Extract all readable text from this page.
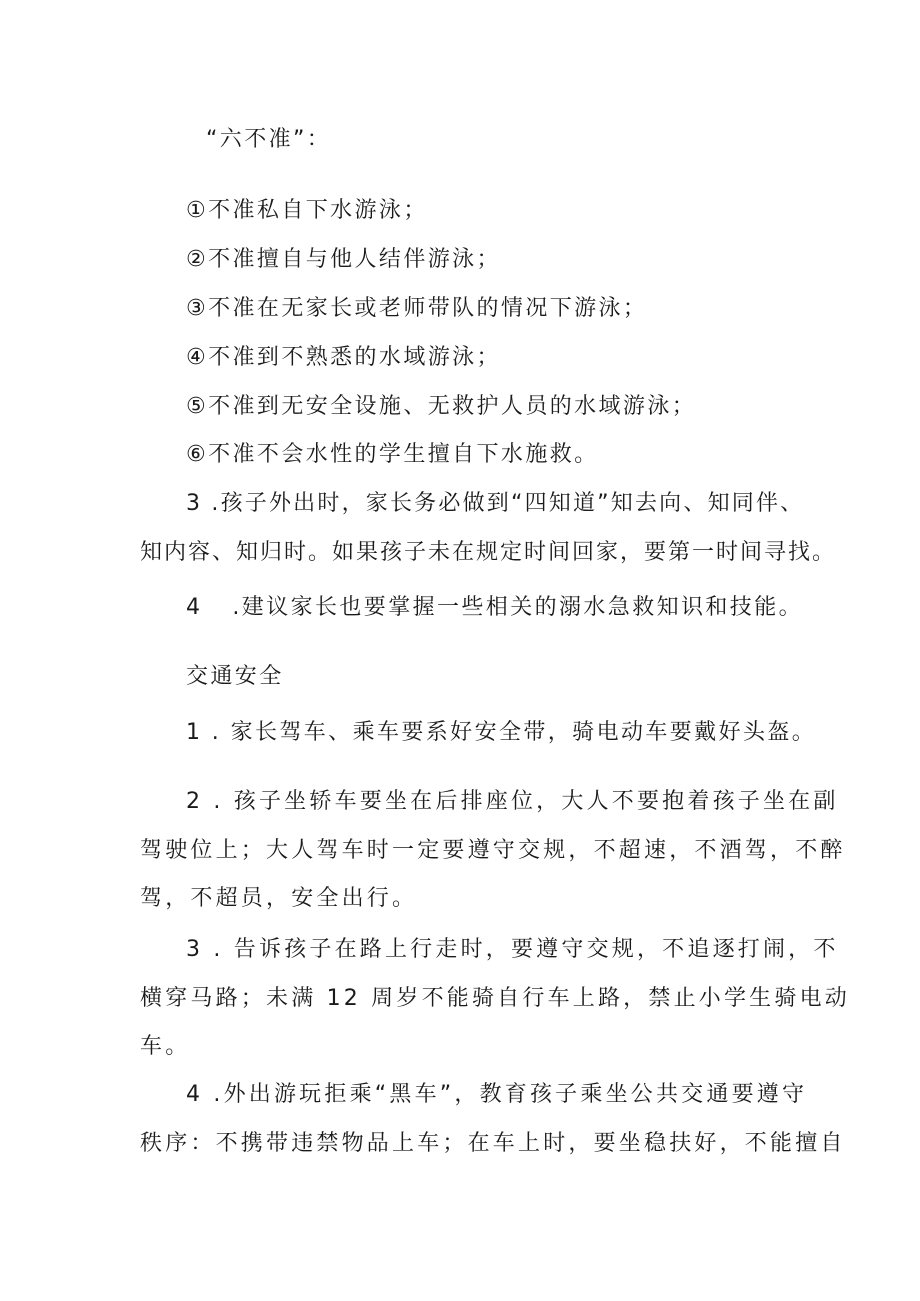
“六不准”：
①不准私自下水游泳；
②不准擅自与他人结伴游泳；
③不准在无家长或老师带队的情况下游泳；
④不准到不熟悉的水域游泳；
⑤不准到无安全设施、无救护人员的水域游泳；
⑥不准不会水性的学生擅自下水施救。
3 .孩子外出时，家长务必做到“四知道”知去向、知同伴、
知内容、知归时。如果孩子未在规定时间回家，要第一时间寻找。
4 .建议家长也要掌握一些相关的溺水急救知识和技能。
交通安全
1 . 家长驾车、乘车要系好安全带，骑电动车要戴好头盔。
2 . 孩子坐轿车要坐在后排座位，大人不要抱着孩子坐在副
驾驶位上；大人驾车时一定要遵守交规，不超速，不酒驾，不醉
驾，不超员，安全出行。
3 . 告诉孩子在路上行走时，要遵守交规，不追逐打闹，不
横穿马路；未满 12 周岁不能骑自行车上路，禁止小学生骑电动
车。
4 .外出游玩拒乘“黑车”，教育孩子乘坐公共交通要遵守
秩序：不携带违禁物品上车；在车上时，要坐稳扶好，不能擅自
